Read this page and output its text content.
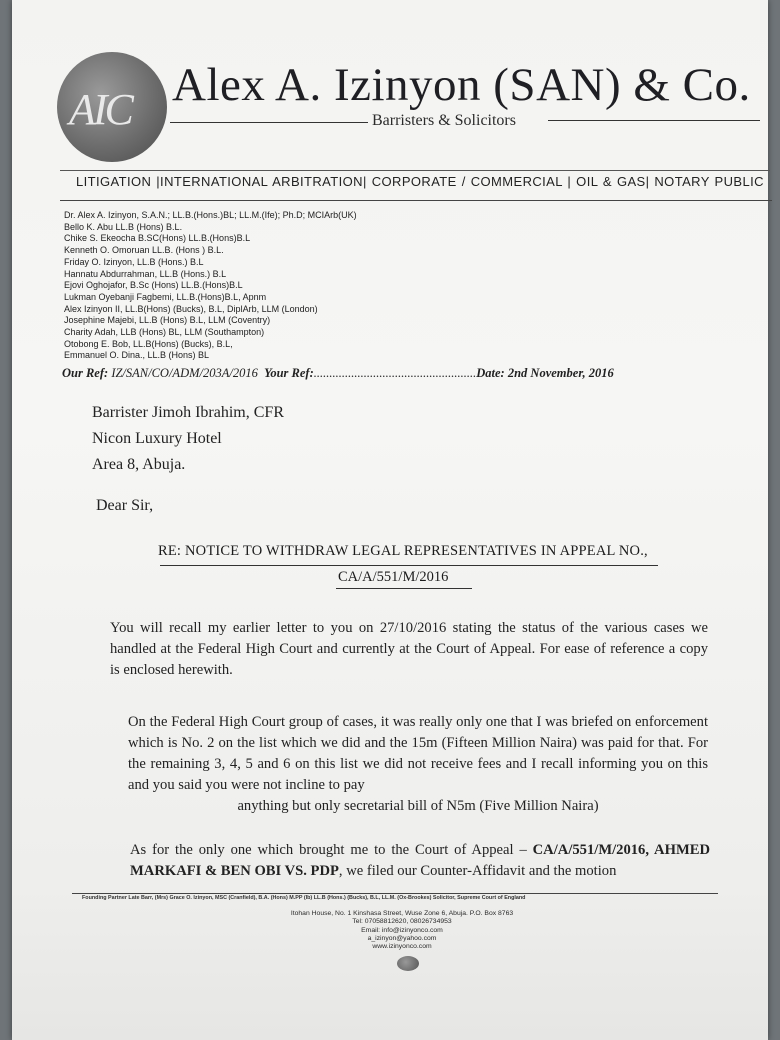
AIC Alex A. Izinyon (SAN) & Co.
Barristers & Solicitors
LITIGATION |INTERNATIONAL ARBITRATION| CORPORATE / COMMERCIAL | OIL & GAS| NOTARY PUBLIC
Dr. Alex A. Izinyon, S.A.N.; LL.B.(Hons.)BL; LL.M.(Ife); Ph.D; MCIArb(UK)
Bello K. Abu LL.B (Hons) B.L.
Chike S. Ekeocha B.SC(Hons) LL.B.(Hons)B.L
Kenneth O. Omoruan LL.B. (Hons ) B.L.
Friday O. Izinyon, LL.B (Hons.) B.L
Hannatu Abdurrahman, LL.B (Hons.) B.L
Ejovi Oghojafor, B.Sc (Hons) LL.B.(Hons)B.L
Lukman Oyebanji Fagbemi, LL.B.(Hons)B.L, Apnm
Alex Izinyon II, LL.B(Hons) (Bucks), B.L, DiplArb, LLM (London)
Josephine Majebi, LL.B (Hons) B.L, LLM (Coventry)
Charity Adah, LLB (Hons) BL, LLM (Southampton)
Otobong E. Bob, LL.B(Hons) (Bucks), B.L,
Emmanuel O. Dina., LL.B (Hons) BL
Our Ref: IZ/SAN/CO/ADM/203A/2016 Your Ref:....................................................Date: 2nd November, 2016
Barrister Jimoh Ibrahim, CFR
Nicon Luxury Hotel
Area 8, Abuja.
Dear Sir,
RE: NOTICE TO WITHDRAW LEGAL REPRESENTATIVES IN APPEAL NO.,
CA/A/551/M/2016

You will recall my earlier letter to you on 27/10/2016 stating the status of the various cases we handled at the Federal High Court and currently at the Court of Appeal. For ease of reference a copy is enclosed herewith.

On the Federal High Court group of cases, it was really only one that I was briefed on enforcement which is No. 2 on the list which we did and the 15m (Fifteen Million Naira) was paid for that. For the remaining 3, 4, 5 and 6 on this list we did not receive fees and I recall informing you on this and you said you were not incline to pay
anything but only secretarial bill of N5m (Five Million Naira)

As for the only one which brought me to the Court of Appeal – CA/A/551/M/2016, AHMED MARKAFI & BEN OBI VS. PDP, we filed our Counter-Affidavit and the motion

Founding Partner Late Barr, (Mrs) Grace O. Izinyon, MSC (Cranfield), B.A. (Hons) M.PP (Ib) LL.B (Hons.) (Bucks), B.L, LL.M. (Ox-Brookes) Solicitor, Supreme Court of England
Itohan House, No. 1 Kinshasa Street, Wuse Zone 6, Abuja. P.O. Box 8763
Tel: 07058812620, 08026734953
Email: info@izinyonco.com
a_izinyon@yahoo.com
www.izinyonco.com
